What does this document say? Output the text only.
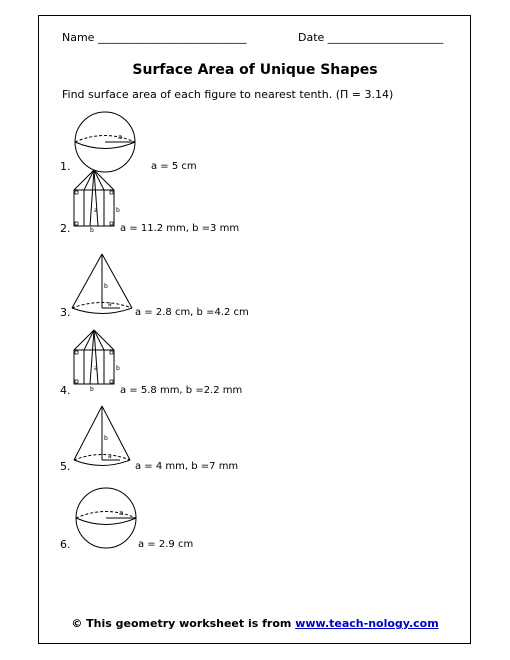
Name ___________________________	Date _____________________
Surface Area of Unique Shapes
Find surface area of each figure to nearest tenth. (Π = 3.14)
a
1.	a = 5 cm
a	b
b
2.	a = 11.2 mm, b =3 mm
b
a
3.	a = 2.8 cm, b =4.2 cm
a	b
b
4.	a = 5.8 mm, b =2.2 mm
b
a
5.	a = 4 mm, b =7 mm
a
6.	a = 2.9 cm
© This geometry worksheet is from www.teach-nology.com
